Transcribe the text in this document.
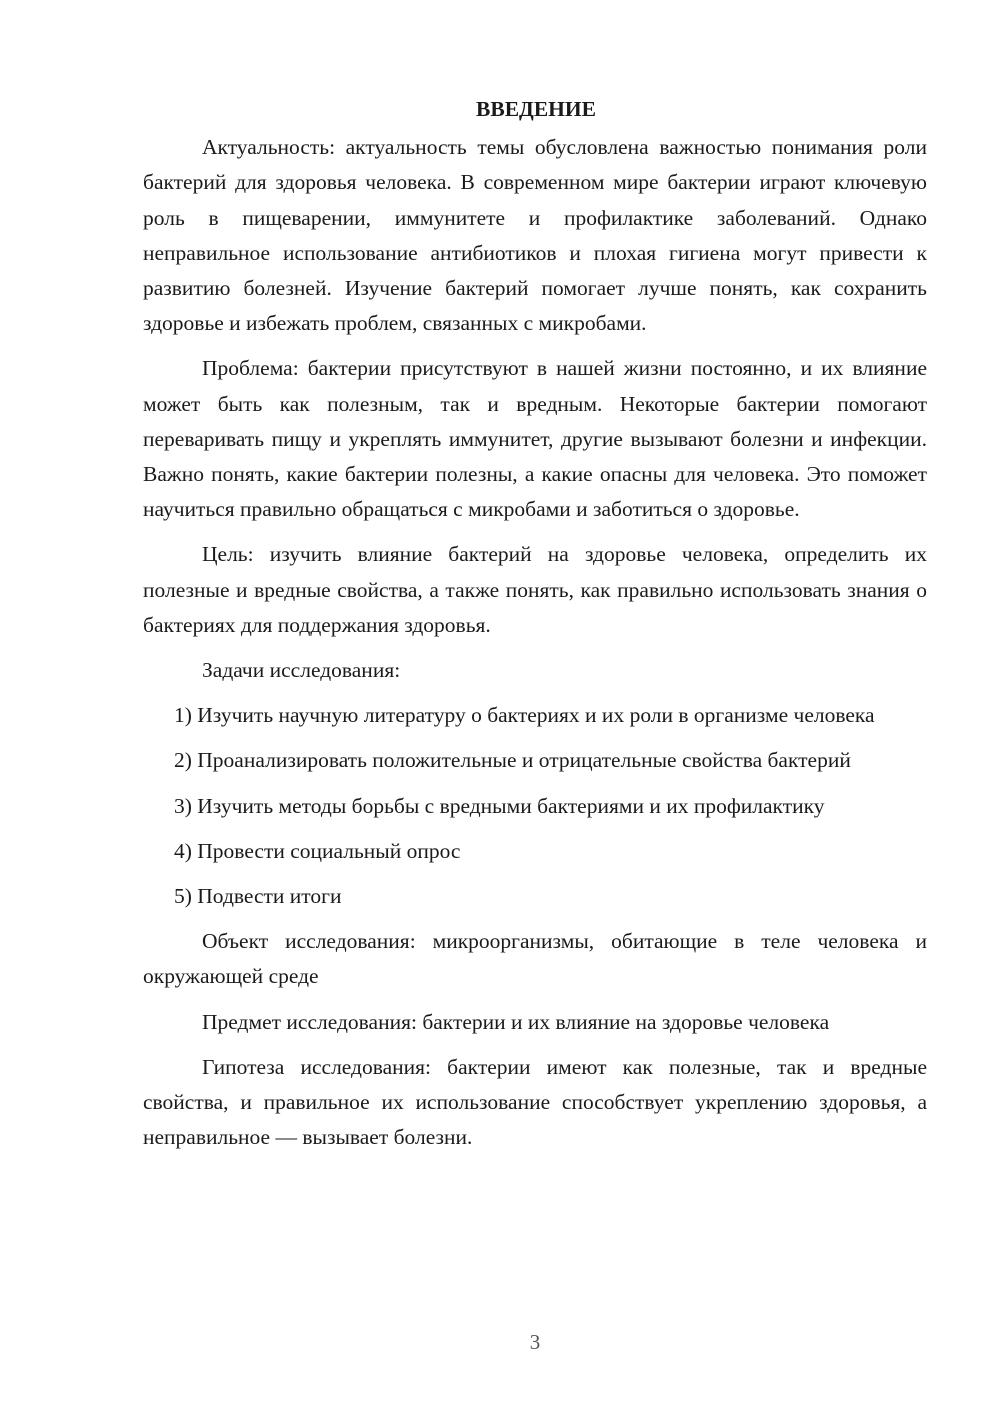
ВВЕДЕНИЕ

Актуальность: актуальность темы обусловлена важностью понимания роли бактерий для здоровья человека. В современном мире бактерии играют ключевую роль в пищеварении, иммунитете и профилактике заболеваний. Однако неправильное использование антибиотиков и плохая гигиена могут привести к развитию болезней. Изучение бактерий помогает лучше понять, как сохранить здоровье и избежать проблем, связанных с микробами.

Проблема: бактерии присутствуют в нашей жизни постоянно, и их влияние может быть как полезным, так и вредным. Некоторые бактерии помогают переваривать пищу и укреплять иммунитет, другие вызывают болезни и инфекции. Важно понять, какие бактерии полезны, а какие опасны для человека. Это поможет научиться правильно обращаться с микробами и заботиться о здоровье.

Цель: изучить влияние бактерий на здоровье человека, определить их полезные и вредные свойства, а также понять, как правильно использовать знания о бактериях для поддержания здоровья.

Задачи исследования:

1) Изучить научную литературу о бактериях и их роли в организме человека

2) Проанализировать положительные и отрицательные свойства бактерий

3) Изучить методы борьбы с вредными бактериями и их профилактику

4) Провести социальный опрос

5) Подвести итоги

Объект исследования: микроорганизмы, обитающие в теле человека и окружающей среде

Предмет исследования: бактерии и их влияние на здоровье человека

Гипотеза исследования: бактерии имеют как полезные, так и вредные свойства, и правильное их использование способствует укреплению здоровья, а неправильное — вызывает болезни.

3
